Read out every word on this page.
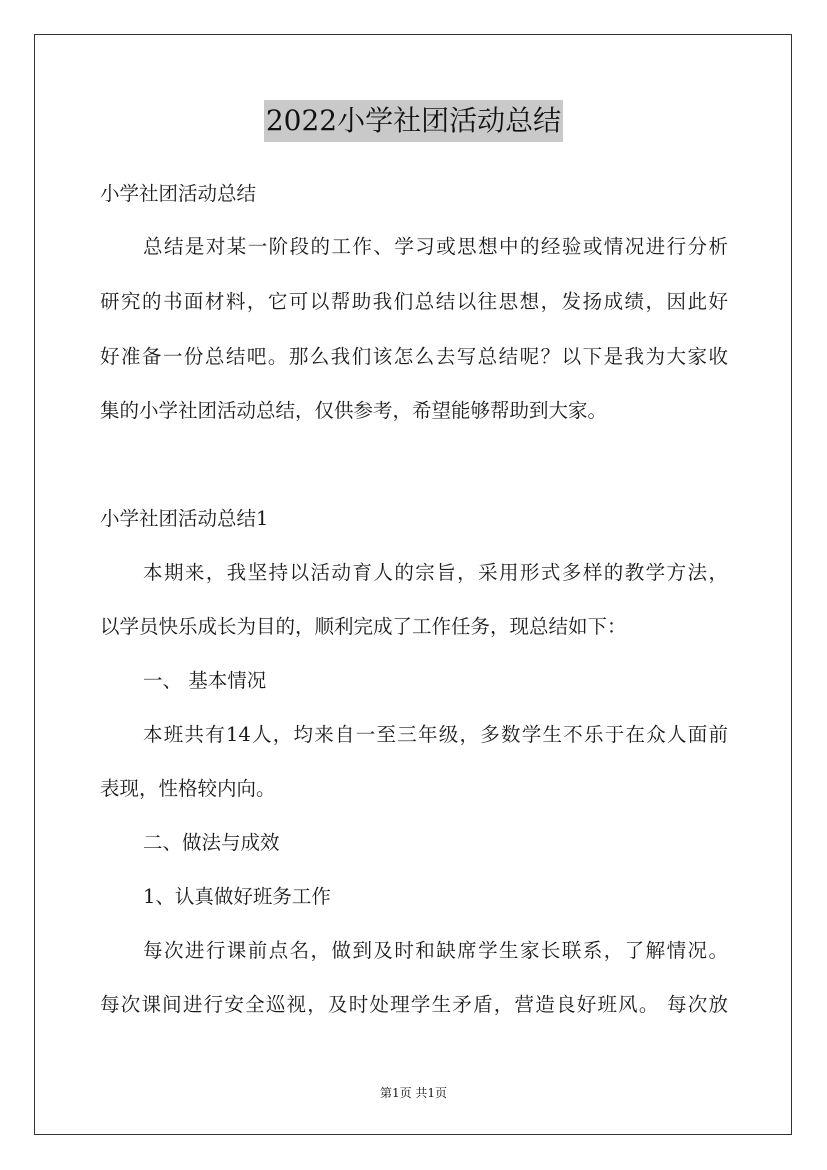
2022小学社团活动总结
小学社团活动总结
总结是对某一阶段的工作、学习或思想中的经验或情况进行分析
研究的书面材料，它可以帮助我们总结以往思想，发扬成绩，因此好
好准备一份总结吧。那么我们该怎么去写总结呢？以下是我为大家收
集的小学社团活动总结，仅供参考，希望能够帮助到大家。
小学社团活动总结1
本期来，我坚持以活动育人的宗旨，采用形式多样的教学方法，
以学员快乐成长为目的，顺利完成了工作任务，现总结如下：
一、 基本情况
本班共有14人，均来自一至三年级，多数学生不乐于在众人面前
表现，性格较内向。
二、做法与成效
1、认真做好班务工作
每次进行课前点名，做到及时和缺席学生家长联系，了解情况。
每次课间进行安全巡视，及时处理学生矛盾，营造良好班风。 每次放
第1页 共1页
